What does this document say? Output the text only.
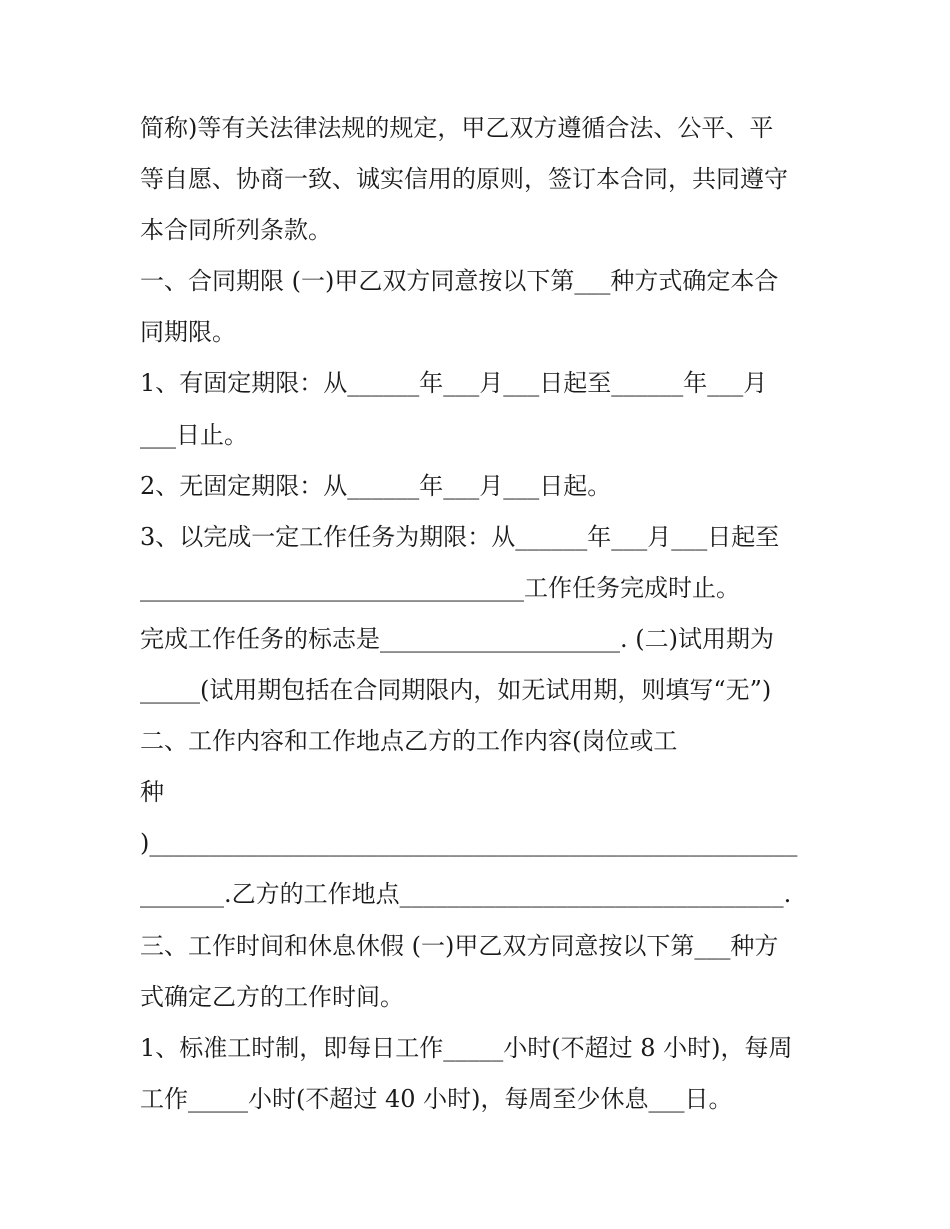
简称)等有关法律法规的规定，甲乙双方遵循合法、公平、平
等自愿、协商一致、诚实信用的原则，签订本合同，共同遵守
本合同所列条款。
一、合同期限 (一)甲乙双方同意按以下第___种方式确定本合
同期限。
1、有固定期限：从______年___月___日起至______年___月
___日止。
2、无固定期限：从______年___月___日起。
3、以完成一定工作任务为期限：从______年___月___日起至
________________________________工作任务完成时止。
完成工作任务的标志是____________________. (二)试用期为
_____(试用期包括在合同期限内，如无试用期，则填写“无”)
二、工作内容和工作地点乙方的工作内容(岗位或工
种
)______________________________________________________
_______.乙方的工作地点________________________________.
三、工作时间和休息休假 (一)甲乙双方同意按以下第___种方
式确定乙方的工作时间。
1、标准工时制，即每日工作_____小时(不超过 8 小时)，每周
工作_____小时(不超过 40 小时)，每周至少休息___日。
